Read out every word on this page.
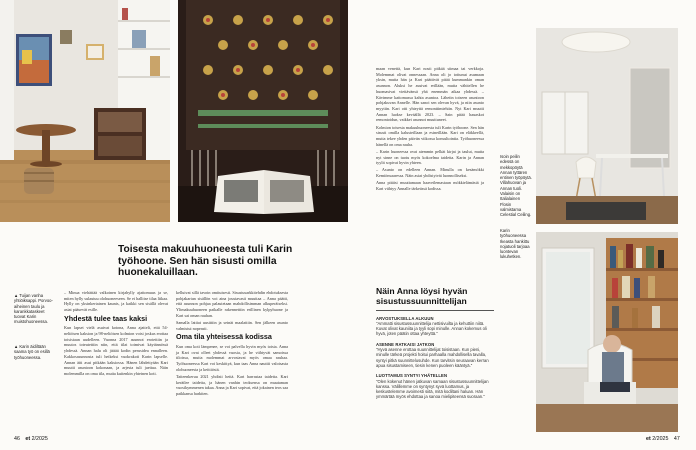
Toisesta makuuhuoneesta tuli Karin työhoone. Sen hän sisusti omilla huonekaluillaan.
▲ Tuijan vanha yhtiöiksappi. Porvoo-aiheinen taulu ja karankkataskeet tuovat Karin muistohuoneessa.
▲ Karin äidiltään saama työ on esillä työhuoneessa.

– Minua viehättää valkoinen kirjahylly ajattomuus ja se, miten hylly sulautuu olohuoneeseen. Se ei hallitse tilaa liikaa. Hylly on yksinkertainen kaunis, ja kaikki sen sisällä olevat asiat pääsevät esille.

Yhdestä tulee taas kaksi

Kun lapset vielä asuivat kotona, Anna ajatteli, että 54-neliöisen kaksion ja 98-neliöisen kolmion voisi joskus erottaa toisistaan uudelleen. Vuonna 2017 asunnot erotettiin ja muutos toteutettiin niin, että tilat toimivat käytännössä yhdessä. Annan halu oli jättää kodin perusidea ennalleen. Kakkosasunnosta tuli hetkeksi vuokrakoti Karin lapselle. Annan äiti asui pitkään kaksiossa. Hänen lähdettyään Kari muutti asuntoon kokonaan, ja arjesta tuli jaettua. Näin molemmilla on oma tila, mutta kuitenkin yhteinen koti.

kelluivat sillä tavoin omituisesti. Sisustusarkkitehdin ehdotuksesta pohjakartan sisällön voi aina joustavasti muuttaa – Anna päätti, että asunnon pohjaa palautetaan mahdollisimman alkuperäiseksi. Ylimakuuhuoneen paikalle rakennettiin erillinen kylpyhuone ja Kari sai oman rauhan.

Samalla lattiat uusittiin ja seinät maalattiin. Sen jälkeen asunto valmistui nopeasti.

Oma tila yhteisessä kodissa

Kun oma koti lämpenee, se voi palvella hyvin myös toista. Anna ja Kari ovat olleet yhdessä vuosia, ja he viihtyvät samoissa tiloissa, mutta molemmat arvostavat myös omaa rauhaa. Työhuoneessa Kari voi keskittyä, kun taas Anna nauttii valoisasta olohuoneesta ja keittiöstä.

Taiteenkeruu 2021 yhdisti heitä. Kari harrastaa taidetta. Kari keräilee taidetta, ja hänen vanhin teoksensa on muutaman vuosikymmenen takaa. Anna ja Kari sopivat, että jokainen teos saa paikkansa harkiten.

46 et 2/2025

maan venettä, kun Kari nosti pitkää siimaa tai verkkoja. Molemmat olivat onnessaan. Anna oli jo tottunut asumaan yksin, mutta hän ja Kari päättivät pitää kummankin oman asunnon. Aluksi he asuivat erillään, mutta vähitellen he huomasivat viettävänsä yhä enemmän aikaa yhdessä. – Kävimme kattomassa kahta asuntoa. Lähetin toiseen asuntoon pohjakuvan Annelle. Hän sanoi sen olevan hyvä, ja niin asunto myytiin. Kari otti yhteyttä remonttimiehiin. Nyt Kari muutti Annan luokse keväällä 2023. – Sain pitää hauaskot remontoidun, vaikkei asunnot muuttuneet.

Kolmion toisesta makuuhuoneesta tuli Karin työhoone. Sen hän sisusti omilla kalusteillaan ja esineillään. Kari on eläkkeellä, mutta tekee yhden päivän viikossa konsultointia. Työhuoneessa hänellä on oma rauha.

– Karin huoneessa ovat aiemmin pelkät kirjat ja taulut, mutta nyt sinne on tuotu myös kokoelma taidetta. Karin ja Annan tyylit sopivat hyvin yhteen.

– Asunto on edelleen Annan. Minulla on kesämökki Kemiönsaaressa. Näin asiat yhdistyivät luonnolliseksi.

Anna pitäisi muuttamaan haaveilemastaan mökkielämästä ja Kari viihtyy Annalle tärkeässä kodissa.

Näin Anna löysi hyvän sisustussuunnittelijan
ARVOSTUKSELLA ALKUUN
"Ammatti sisustussuunnittelija nettisivuilta ja kehuttiin niitä. Kuvat olivat kauniita ja tyyli sopi minulle. Annan kokemus oli hyvä, joten päätin ottaa yhteyttä."
ASENNE RATKAISI JATKON
"Hyvä asenne erottaa suunnittelijat toisistaan. Kun pieni, minulle tärkeä projekti hoitui parhaalla mahdollisella tavalla, syntyi pitkä suunnittelusuhde. Kun tarvitsin seuraavan kerran apua sisustamiseen, tiesin kenen puoleen kääntyä."
LUOTTAMUS SYNTYI YHÄTELLEN
"Olen kokenut hänen jatkuvan samaan sisustussuunnittelijan kanssa. Välillemme on syntynyt syvä luottamus, ja keskustelemme avoimesti siitä, mitä kodiltani haluan. Hän ymmärtää myös ehdottaa ja sanoa mielipiteensä suoraan."
Isoin peilin edessä on mekkopöytä Annan tyttären entinen työpöytä. Villahuovan ja Annan tuoli. Valaisin on Italialainen Flosin valmistama Celestial Ceiling.
Karin työhuoneessa Ikeasta hankittu nojatuoli tarjoaa luontevan lukuhetken.
et 2/2025 47
